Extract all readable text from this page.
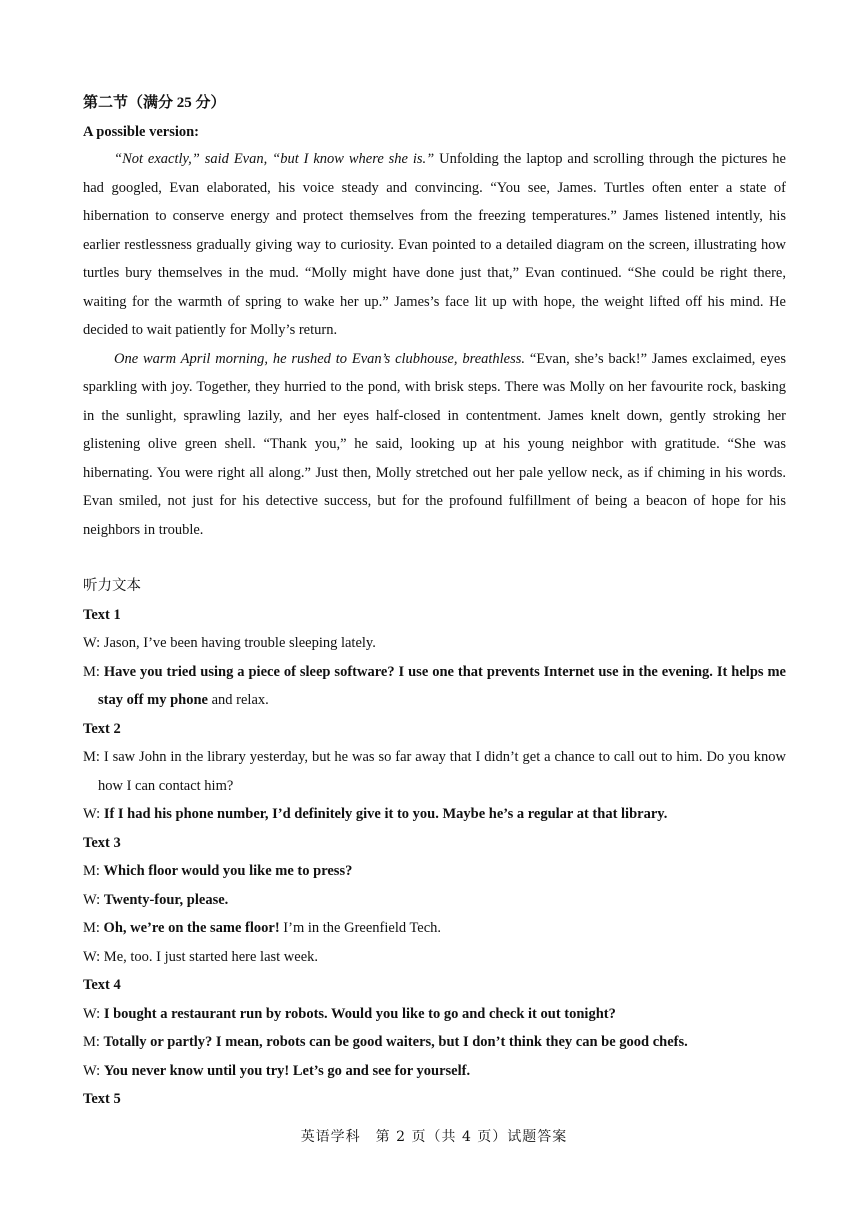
第二节（满分 25 分）

A possible version:

“Not exactly,” said Evan, “but I know where she is.” Unfolding the laptop and scrolling through the pictures he had googled, Evan elaborated, his voice steady and convincing. “You see, James. Turtles often enter a state of hibernation to conserve energy and protect themselves from the freezing temperatures.” James listened intently, his earlier restlessness gradually giving way to curiosity. Evan pointed to a detailed diagram on the screen, illustrating how turtles bury themselves in the mud. “Molly might have done just that,” Evan continued. “She could be right there, waiting for the warmth of spring to wake her up.” James’s face lit up with hope, the weight lifted off his mind. He decided to wait patiently for Molly’s return.

One warm April morning, he rushed to Evan’s clubhouse, breathless. “Evan, she’s back!” James exclaimed, eyes sparkling with joy. Together, they hurried to the pond, with brisk steps. There was Molly on her favourite rock, basking in the sunlight, sprawling lazily, and her eyes half-closed in contentment. James knelt down, gently stroking her glistening olive green shell. “Thank you,” he said, looking up at his young neighbor with gratitude. “She was hibernating. You were right all along.” Just then, Molly stretched out her pale yellow neck, as if chiming in his words. Evan smiled, not just for his detective success, but for the profound fulfillment of being a beacon of hope for his neighbors in trouble.

听力文本

Text 1

W: Jason, I’ve been having trouble sleeping lately.

M: Have you tried using a piece of sleep software? I use one that prevents Internet use in the evening. It helps me stay off my phone and relax.

Text 2

M: I saw John in the library yesterday, but he was so far away that I didn’t get a chance to call out to him. Do you know how I can contact him?

W: If I had his phone number, I’d definitely give it to you. Maybe he’s a regular at that library.

Text 3

M: Which floor would you like me to press?

W: Twenty-four, please.

M: Oh, we’re on the same floor! I’m in the Greenfield Tech.

W: Me, too. I just started here last week.

Text 4

W: I bought a restaurant run by robots. Would you like to go and check it out tonight?

M: Totally or partly? I mean, robots can be good waiters, but I don’t think they can be good chefs.

W: You never know until you try! Let’s go and see for yourself.

Text 5

英语学科　第 2 页（共 4 页）试题答案
